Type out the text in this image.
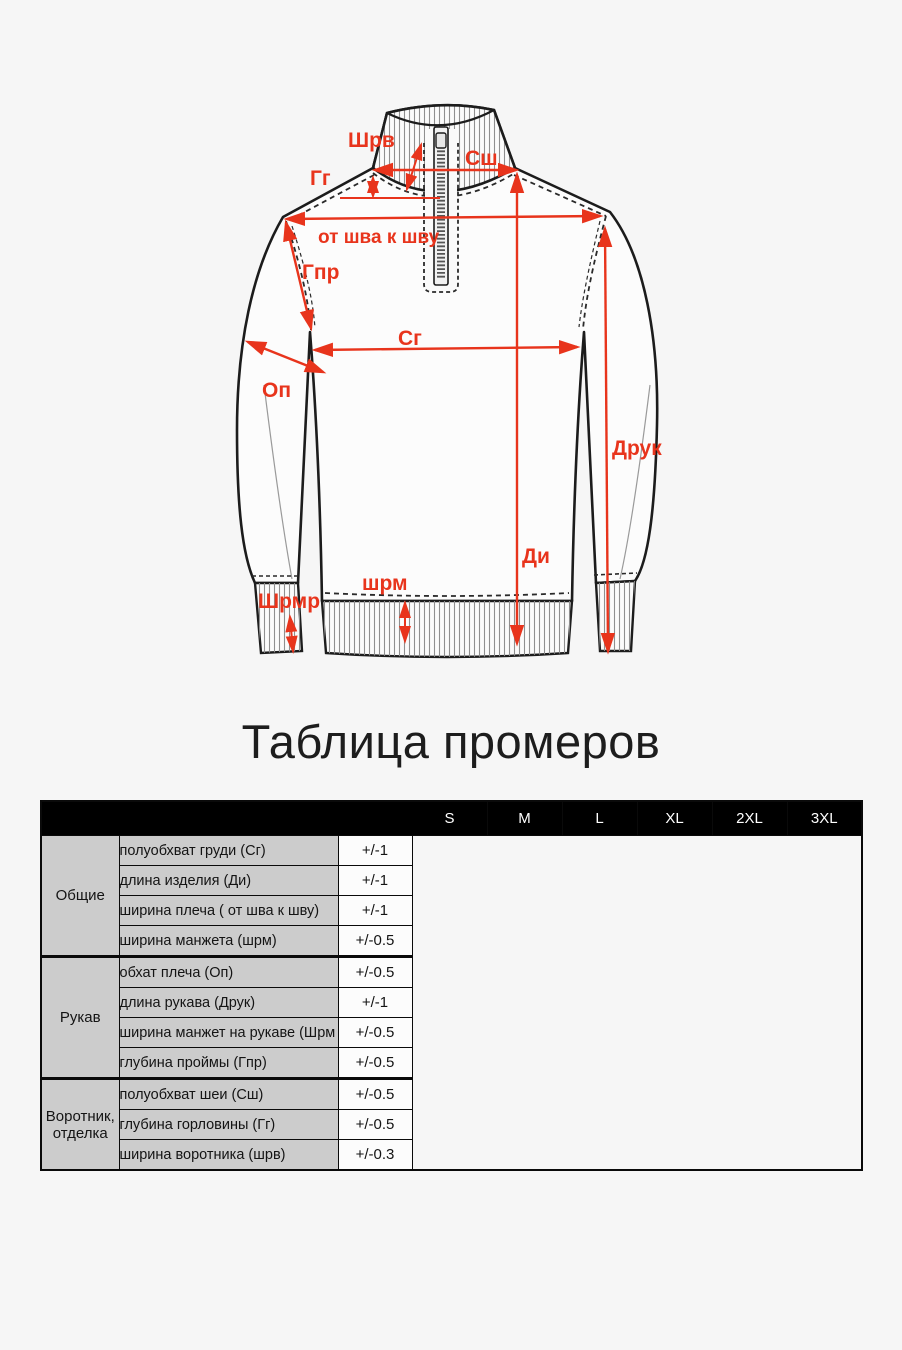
Шрв
Сш
Гг
от шва к шву
Гпр
Сг
Оп
Друк
Ди
шрм
Шрмр
Таблица промеров
			S	M	L	XL	2XL	3XL
Общие	полуобхват груди (Сг)	+/-1						
	длина изделия (Ди)	+/-1						
	ширина плеча ( от шва к шву)	+/-1						
	ширина манжета (шрм)	+/-0.5						
Рукав	обхат плеча (Оп)	+/-0.5						
	длина рукава (Друк)	+/-1						
	ширина манжет на рукаве (Шрм	+/-0.5						
	глубина проймы (Гпр)	+/-0.5						
Воротник, отделка	полуобхват шеи (Сш)	+/-0.5						
	глубина горловины (Гг)	+/-0.5						
	ширина воротника (шрв)	+/-0.3						
